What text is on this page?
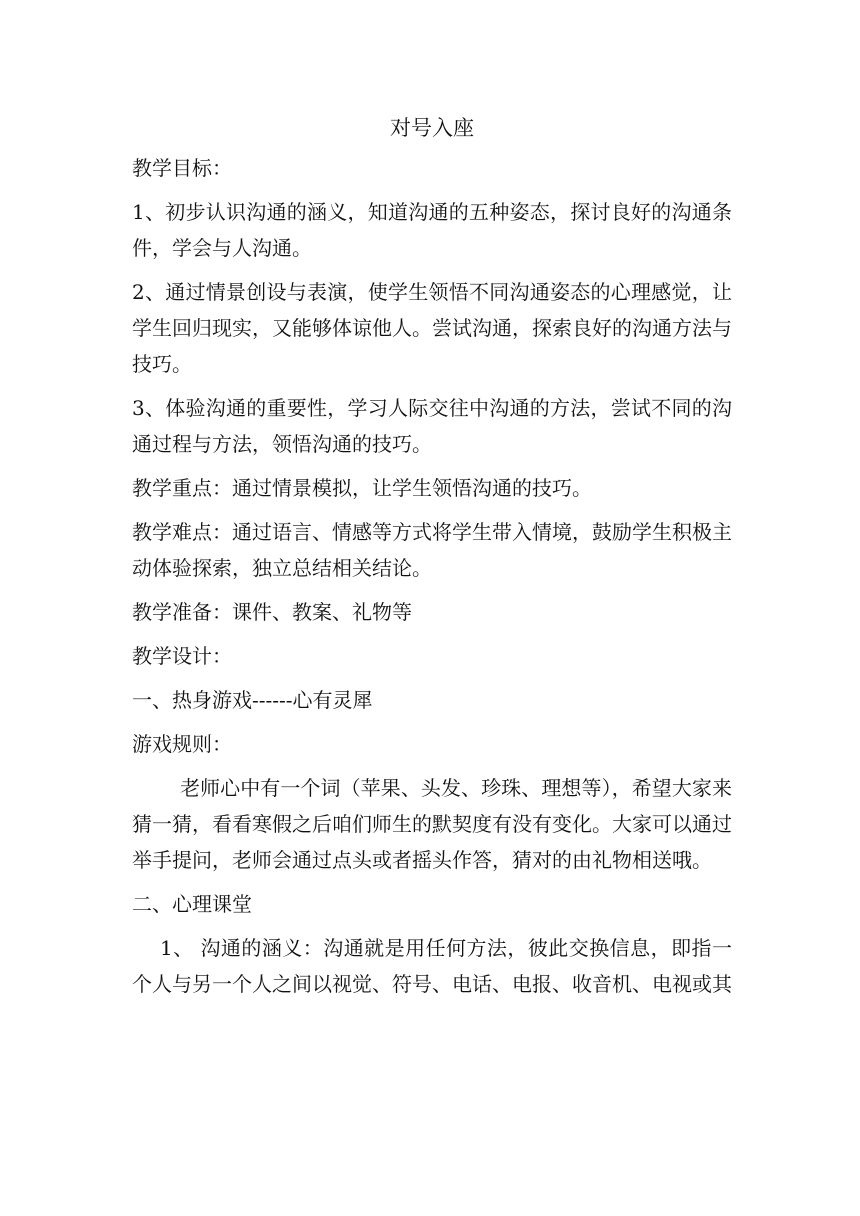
对号入座

教学目标：

1、初步认识沟通的涵义，知道沟通的五种姿态，探讨良好的沟通条件，学会与人沟通。

2、通过情景创设与表演，使学生领悟不同沟通姿态的心理感觉，让学生回归现实，又能够体谅他人。尝试沟通，探索良好的沟通方法与技巧。

3、体验沟通的重要性，学习人际交往中沟通的方法，尝试不同的沟通过程与方法，领悟沟通的技巧。

教学重点：通过情景模拟，让学生领悟沟通的技巧。

教学难点：通过语言、情感等方式将学生带入情境，鼓励学生积极主动体验探索，独立总结相关结论。

教学准备：课件、教案、礼物等

教学设计：

一、热身游戏------心有灵犀

游戏规则：

老师心中有一个词（苹果、头发、珍珠、理想等），希望大家来猜一猜，看看寒假之后咱们师生的默契度有没有变化。大家可以通过举手提问，老师会通过点头或者摇头作答，猜对的由礼物相送哦。

二、心理课堂

1、 沟通的涵义：沟通就是用任何方法，彼此交换信息，即指一个人与另一个人之间以视觉、符号、电话、电报、收音机、电视或其
